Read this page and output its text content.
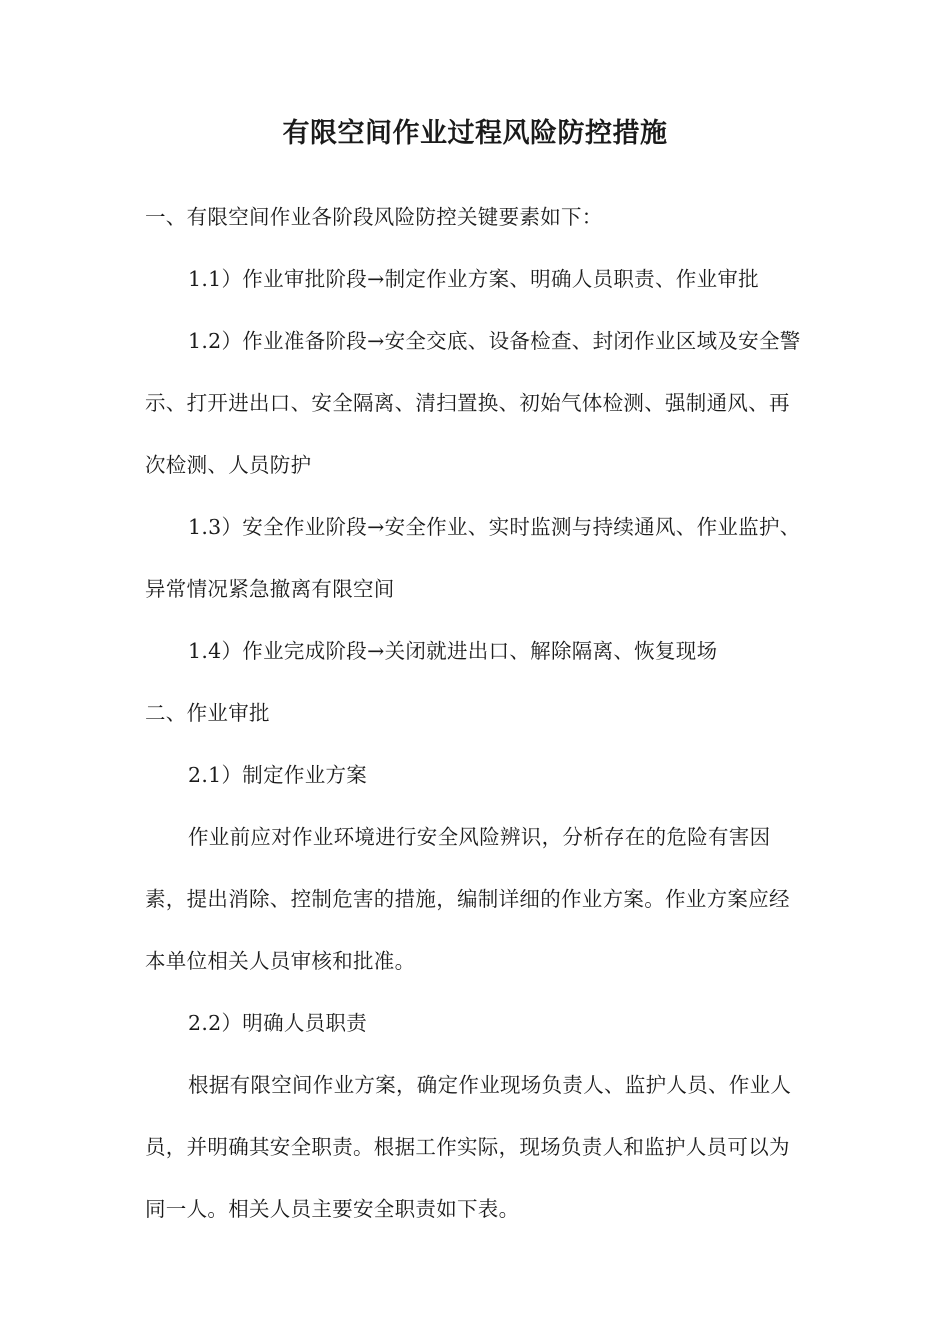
有限空间作业过程风险防控措施

一、有限空间作业各阶段风险防控关键要素如下：

1.1）作业审批阶段→制定作业方案、明确人员职责、作业审批

1.2）作业准备阶段→安全交底、设备检查、封闭作业区域及安全警示、打开进出口、安全隔离、清扫置换、初始气体检测、强制通风、再次检测、人员防护

1.3）安全作业阶段→安全作业、实时监测与持续通风、作业监护、异常情况紧急撤离有限空间

1.4）作业完成阶段→关闭就进出口、解除隔离、恢复现场

二、作业审批

2.1）制定作业方案

作业前应对作业环境进行安全风险辨识，分析存在的危险有害因素，提出消除、控制危害的措施，编制详细的作业方案。作业方案应经本单位相关人员审核和批准。

2.2）明确人员职责

根据有限空间作业方案，确定作业现场负责人、监护人员、作业人员，并明确其安全职责。根据工作实际，现场负责人和监护人员可以为同一人。相关人员主要安全职责如下表。
